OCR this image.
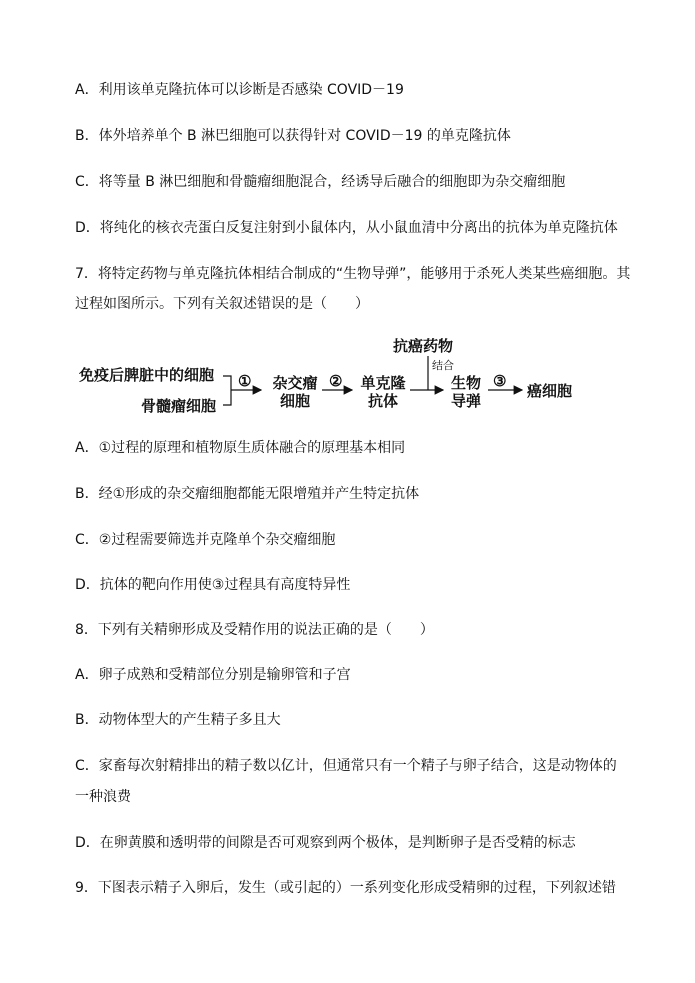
A．利用该单克隆抗体可以诊断是否感染 COVID－19
B．体外培养单个 B 淋巴细胞可以获得针对 COVID－19 的单克隆抗体
C．将等量 B 淋巴细胞和骨髓瘤细胞混合，经诱导后融合的细胞即为杂交瘤细胞
D．将纯化的核衣壳蛋白反复注射到小鼠体内，从小鼠血清中分离出的抗体为单克隆抗体
7．将特定药物与单克隆抗体相结合制成的“生物导弹”，能够用于杀死人类某些癌细胞。其
过程如图所示。下列有关叙述错误的是（　　）
免疫后脾脏中的细胞
骨髓瘤细胞
①	杂交瘤
细胞
②	单克隆
抗体
抗癌药物
结合
生物
导弹
③
癌细胞
A．①过程的原理和植物原生质体融合的原理基本相同
B．经①形成的杂交瘤细胞都能无限增殖并产生特定抗体
C．②过程需要筛选并克隆单个杂交瘤细胞
D．抗体的靶向作用使③过程具有高度特异性
8．下列有关精卵形成及受精作用的说法正确的是（　　）
A．卵子成熟和受精部位分别是输卵管和子宫
B．动物体型大的产生精子多且大
C．家畜每次射精排出的精子数以亿计，但通常只有一个精子与卵子结合，这是动物体的
一种浪费
D．在卵黄膜和透明带的间隙是否可观察到两个极体，是判断卵子是否受精的标志
9．下图表示精子入卵后，发生（或引起的）一系列变化形成受精卵的过程，下列叙述错
